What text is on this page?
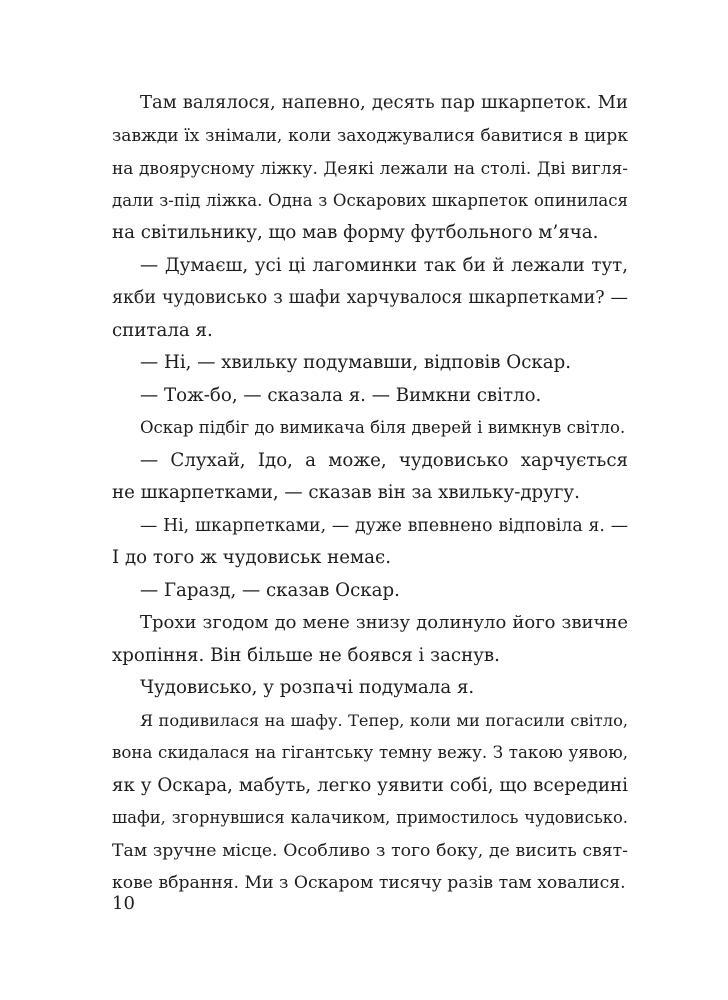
Там валялося, напевно, десять пар шкарпеток. Ми
завжди їх знімали, коли заходжувалися бавитися в цирк
на двоярусному ліжку. Деякі лежали на столі. Дві вигля-
дали з-під ліжка. Одна з Оскарових шкарпеток опинилася
на світильнику, що мав форму футбольного м’яча.
— Думаєш, усі ці лагоминки так би й лежали тут,
якби чудовисько з шафи харчувалося шкарпетками? —
спитала я.
— Ні, — хвильку подумавши, відповів Оскар.
— Тож-бо, — сказала я. — Вимкни світло.
Оскар підбіг до вимикача біля дверей і вимкнув світло.
— Слухай, Ідо, а може, чудовисько харчується
не шкарпетками, — сказав він за хвильку-другу.
— Ні, шкарпетками, — дуже впевнено відповіла я. —
І до того ж чудовиськ немає.
— Гаразд, — сказав Оскар.
Трохи згодом до мене знизу долинуло його звичне
хропіння. Він більше не боявся і заснув.
Чудовисько, у розпачі подумала я.
Я подивилася на шафу. Тепер, коли ми погасили світло,
вона скидалася на гігантську темну вежу. З такою уявою,
як у Оскара, мабуть, легко уявити собі, що всередині
шафи, згорнувшися калачиком, примостилось чудовисько.
Там зручне місце. Особливо з того боку, де висить свят-
кове вбрання. Ми з Оскаром тисячу разів там ховалися.
10
